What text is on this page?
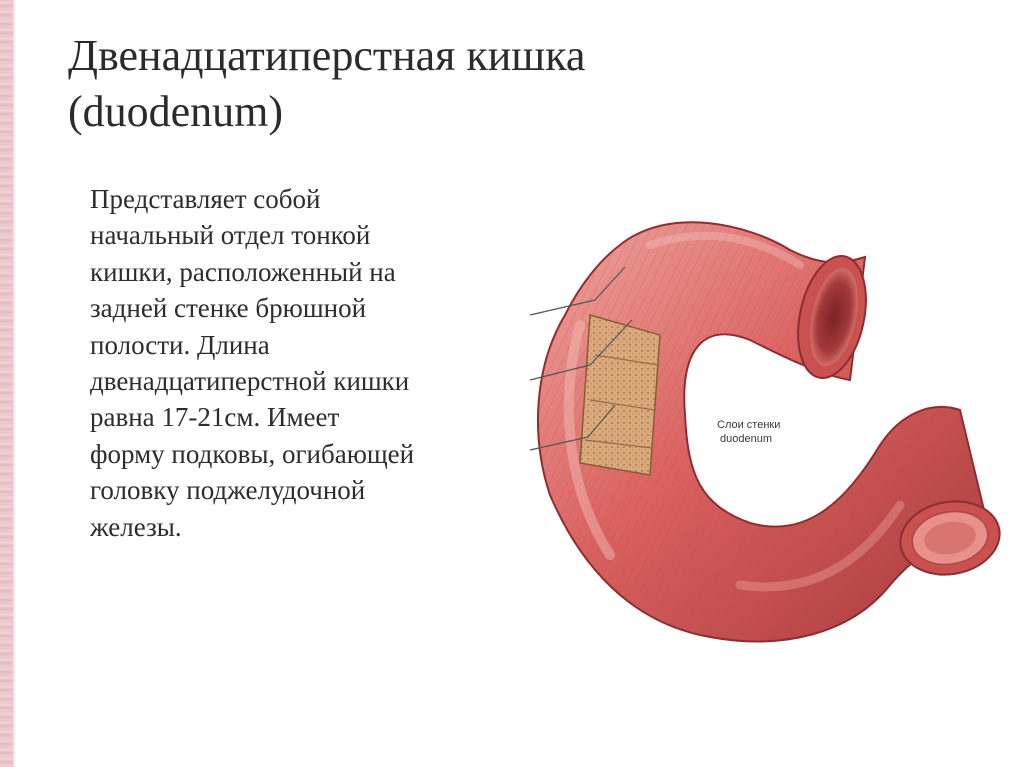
Двенадцатиперстная кишка
(duodenum)
Представляет собой
начальный отдел тонкой
кишки, расположенный на
задней стенке брюшной
полости. Длина
двенадцатиперстной кишки
равна 17-21см. Имеет
форму подковы, огибающей
головку поджелудочной
железы.
Слои стенки
duodenum
